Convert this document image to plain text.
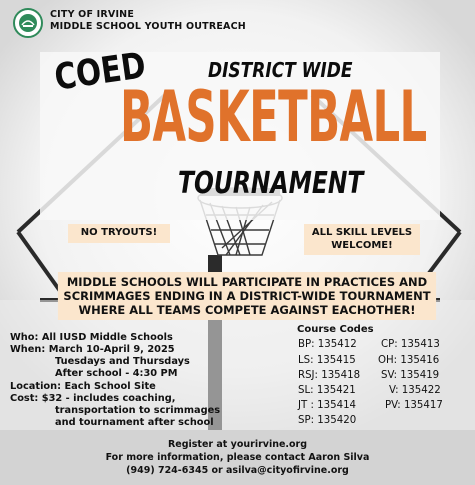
CITY OF IRVINE
MIDDLE SCHOOL YOUTH OUTREACH
COED	DISTRICT WIDE
BASKETBALL
TOURNAMENT
NO TRYOUTS!	ALL SKILL LEVELS WELCOME!
MIDDLE SCHOOLS WILL PARTICIPATE IN PRACTICES AND SCRIMMAGES ENDING IN A DISTRICT-WIDE TOURNAMENT WHERE ALL TEAMS COMPETE AGAINST EACHOTHER!
Who: All IUSD Middle Schools
When: March 10-April 9, 2025
Tuesdays and Thursdays
After school - 4:30 PM
Location: Each School Site
Cost: $32 - includes coaching,
transportation to scrimmages
and tournament after school
Course Codes
BP: 135412 CP: 135413
LS: 135415 OH: 135416
RSJ: 135418 SV: 135419
SL: 135421	V: 135422
JT : 135414	PV: 135417
SP: 135420
Register at yourirvine.org
For more information, please contact Aaron Silva
(949) 724-6345 or asilva@cityofirvine.org
